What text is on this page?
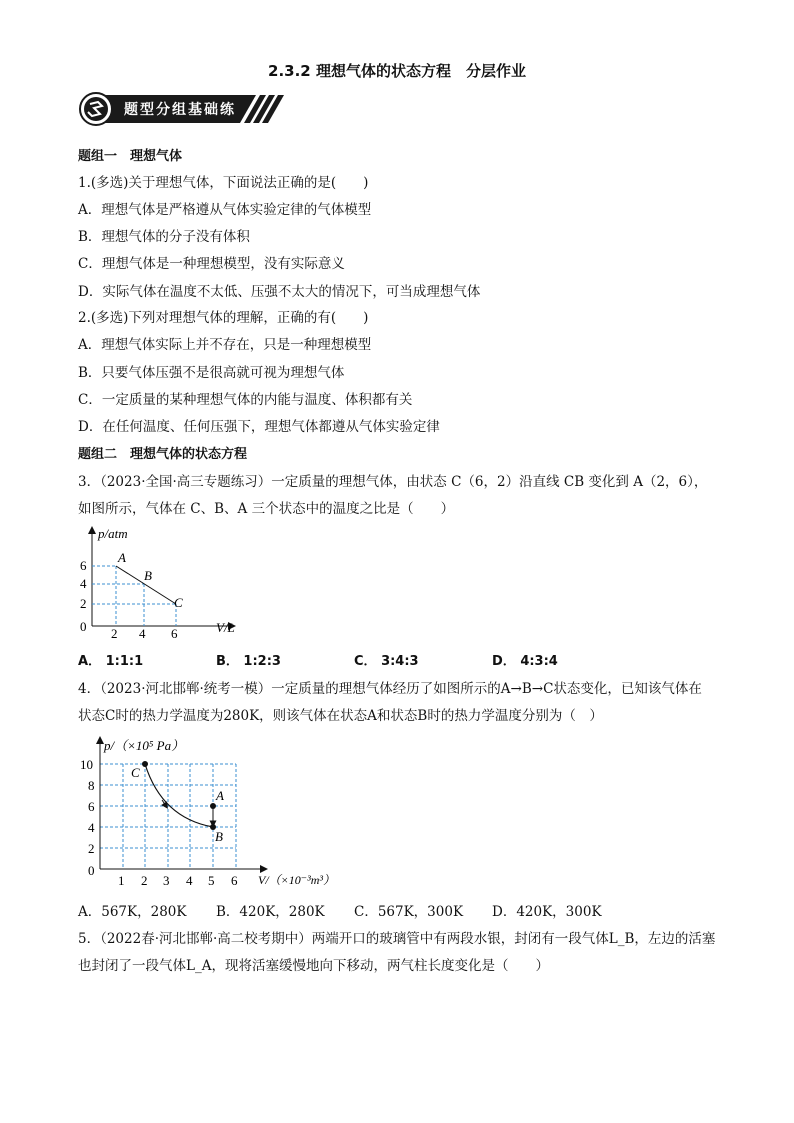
2.3.2 理想气体的状态方程　分层作业
题型分组基础练
题组一　理想气体
1.(多选)关于理想气体，下面说法正确的是(　　)
A．理想气体是严格遵从气体实验定律的气体模型
B．理想气体的分子没有体积
C．理想气体是一种理想模型，没有实际意义
D．实际气体在温度不太低、压强不太大的情况下，可当成理想气体
2.(多选)下列对理想气体的理解，正确的有(　　)
A．理想气体实际上并不存在，只是一种理想模型
B．只要气体压强不是很高就可视为理想气体
C．一定质量的某种理想气体的内能与温度、体积都有关
D．在任何温度、任何压强下，理想气体都遵从气体实验定律
题组二　理想气体的状态方程
3．（2023·全国·高三专题练习）一定质量的理想气体，由状态 C（6，2）沿直线 CB 变化到 A（2，6），
如图所示，气体在 C、B、A 三个状态中的温度之比是（　　）
p/atm
V/L
0
6
4
2
2 4 6
A
B
C
A． 1:1:1	B． 1:2:3	C． 3:4:3	D． 4:3:4
4．（2023·河北邯郸·统考一模）一定质量的理想气体经历了如图所示的A→B→C状态变化，已知该气体在
状态C时的热力学温度为280K，则该气体在状态A和状态B时的热力学温度分别为（　）
p/（×10⁵ Pa）
V/（×10⁻³m³）
0
10
8
6
4
2
1 2 3 4 5 6
A
B
C
A．567K，280K B．420K，280K C．567K，300K D．420K，300K
5．（2022春·河北邯郸·高二校考期中）两端开口的玻璃管中有两段水银，封闭有一段气体L_B，左边的活塞
也封闭了一段气体L_A，现将活塞缓慢地向下移动，两气柱长度变化是（　　）
